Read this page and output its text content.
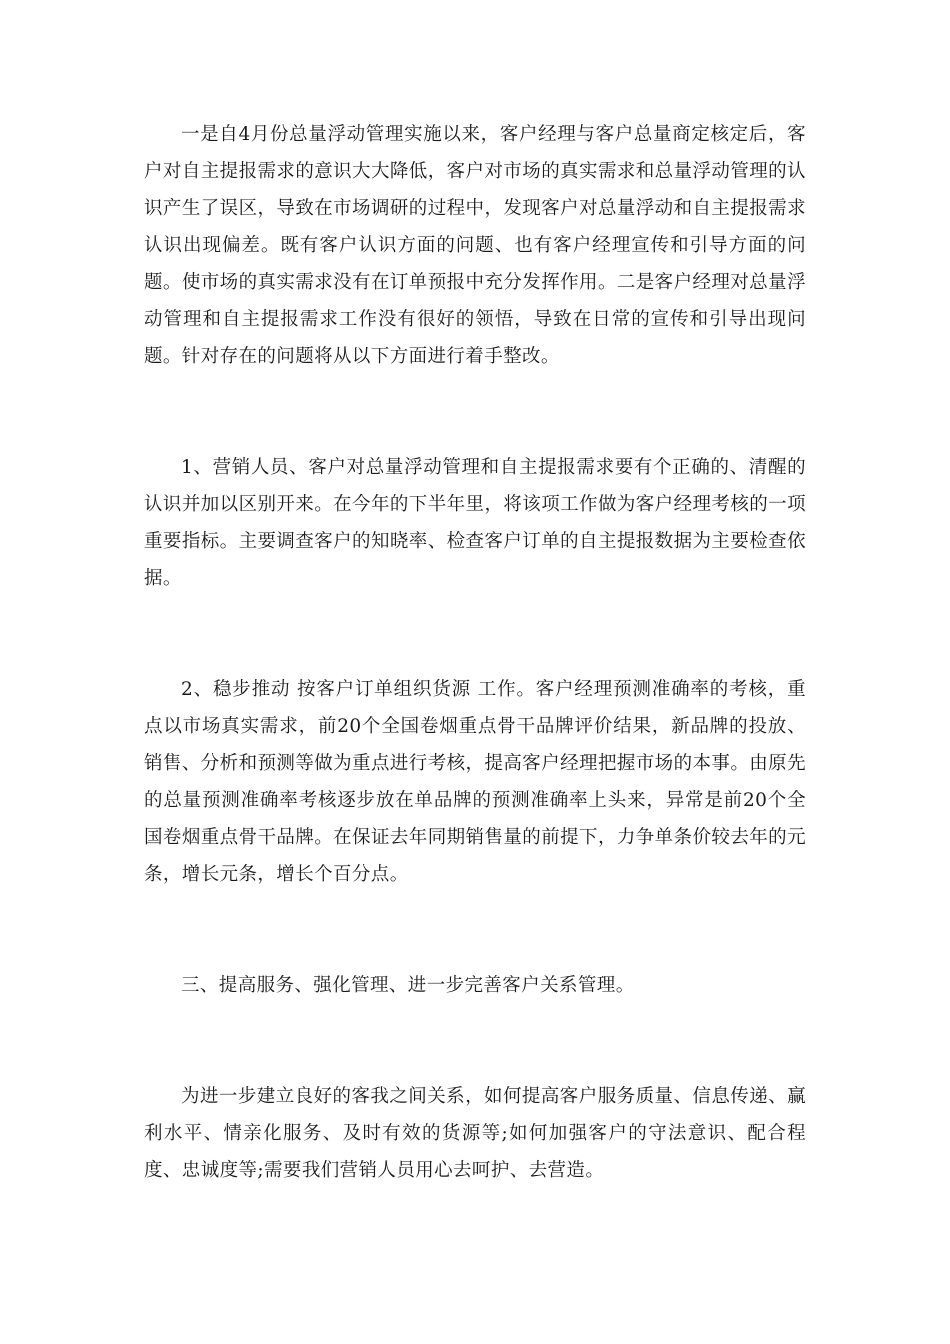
一是自4月份总量浮动管理实施以来，客户经理与客户总量商定核定后，客户对自主提报需求的意识大大降低，客户对市场的真实需求和总量浮动管理的认识产生了误区，导致在市场调研的过程中，发现客户对总量浮动和自主提报需求认识出现偏差。既有客户认识方面的问题、也有客户经理宣传和引导方面的问题。使市场的真实需求没有在订单预报中充分发挥作用。二是客户经理对总量浮动管理和自主提报需求工作没有很好的领悟，导致在日常的宣传和引导出现问题。针对存在的问题将从以下方面进行着手整改。

1、营销人员、客户对总量浮动管理和自主提报需求要有个正确的、清醒的认识并加以区别开来。在今年的下半年里，将该项工作做为客户经理考核的一项重要指标。主要调查客户的知晓率、检查客户订单的自主提报数据为主要检查依据。

2、稳步推动 按客户订单组织货源 工作。客户经理预测准确率的考核，重点以市场真实需求，前20个全国卷烟重点骨干品牌评价结果，新品牌的投放、销售、分析和预测等做为重点进行考核，提高客户经理把握市场的本事。由原先的总量预测准确率考核逐步放在单品牌的预测准确率上头来，异常是前20个全国卷烟重点骨干品牌。在保证去年同期销售量的前提下，力争单条价较去年的元条，增长元条，增长个百分点。

三、提高服务、强化管理、进一步完善客户关系管理。

为进一步建立良好的客我之间关系，如何提高客户服务质量、信息传递、赢利水平、情亲化服务、及时有效的货源等;如何加强客户的守法意识、配合程度、忠诚度等;需要我们营销人员用心去呵护、去营造。
